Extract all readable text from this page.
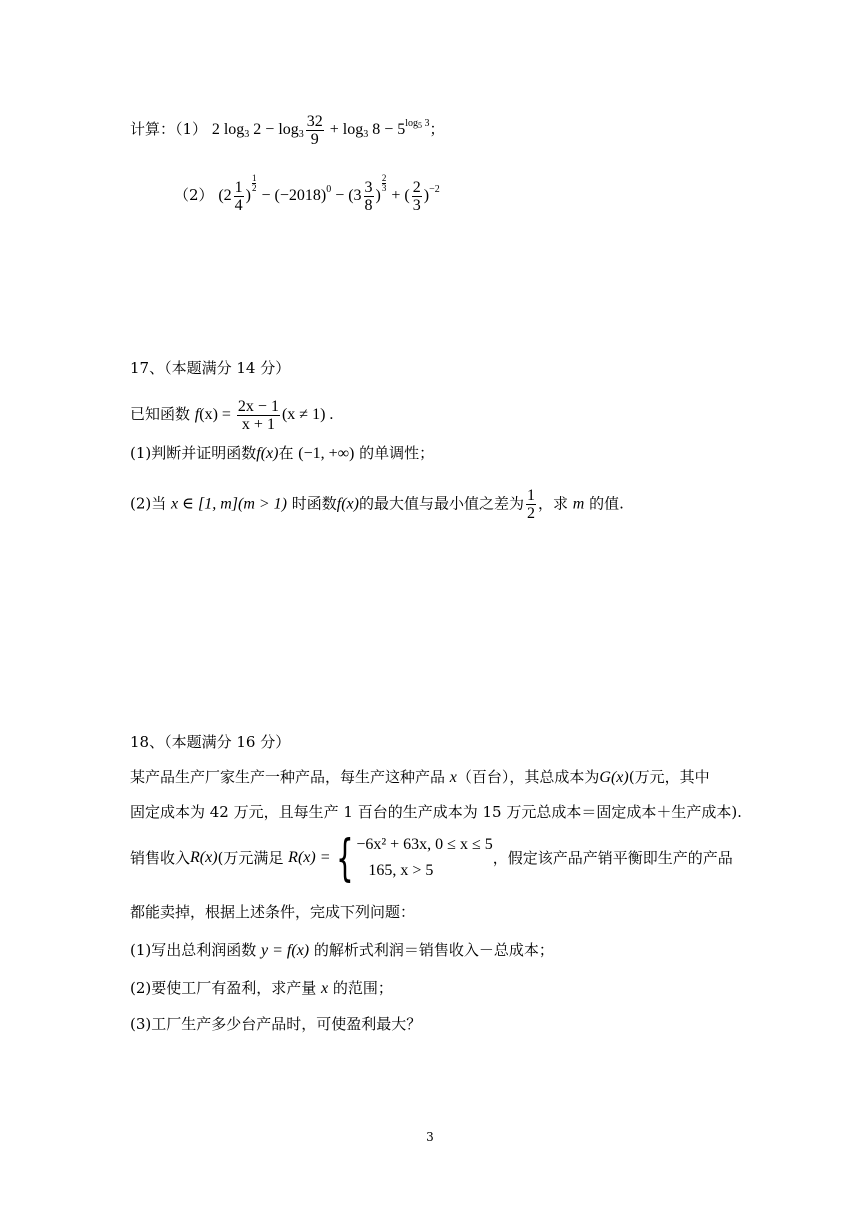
计算：（1） 2 $\log_3 2 - \log_3 \frac{32}{9} + \log_3 8 - 5^{log_5 3}$；
（2） ($2 \frac{1}{4}$ )
$\frac{1}{2}$
− $(-2018)^0 - (3 \frac{3}{8}$ )
$\frac{2}{3}$
+ ( $\frac{2}{3} )^{-2}$
17、（本题满分 14 分）
已知函数 $f(x) = \frac{2x - 1}{x + 1} (x \ne 1)$ .
(1)判断并证明函数f(x)在 (−1, +∞) 的单调性；
(2)当 x ∈ [1, m](m > 1) 时函数f(x)的最大值与最小值之差为 $\frac{1}{2}$ ，求 m 的值.
18、（本题满分 16 分）
某产品生产厂家生产一种产品，每生产这种产品 x（百台），其总成本为G(x)(万元，其中
固定成本为 42 万元，且每生产 1 百台的生产成本为 15 万元总成本＝固定成本＋生产成本).
销售收入R(x)(万元满足 R(x) = { −6x² + 63x, 0 ≤ x ≤ 5
165, x > 5
，假定该产品产销平衡即生产的产品
都能卖掉，根据上述条件，完成下列问题：
(1)写出总利润函数 y = f(x) 的解析式利润＝销售收入－总成本；
(2)要使工厂有盈利，求产量 x 的范围；
(3)工厂生产多少台产品时，可使盈利最大？
3
